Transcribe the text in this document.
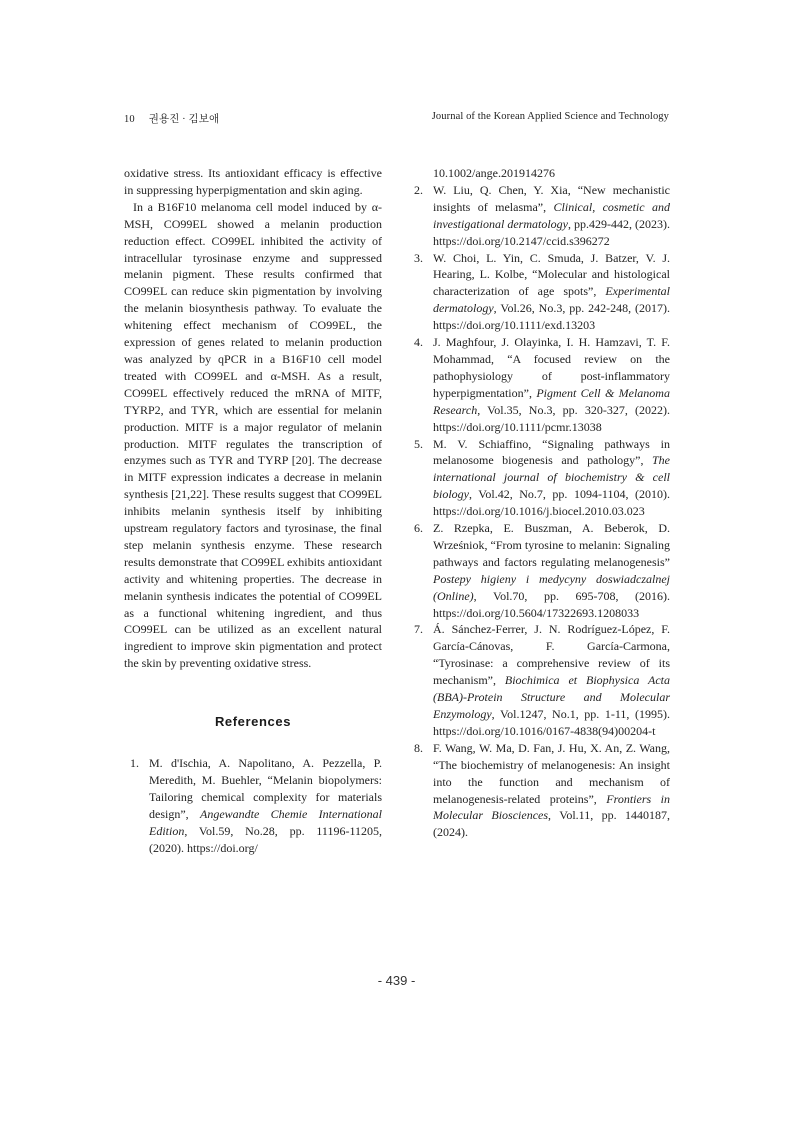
10 권용진 · 김보애	Journal of the Korean Applied Science and Technology

oxidative stress. Its antioxidant efficacy is effective in suppressing hyperpigmentation and skin aging.

In a B16F10 melanoma cell model induced by α-MSH, CO99EL showed a melanin production reduction effect. CO99EL inhibited the activity of intracellular tyrosinase enzyme and suppressed melanin pigment. These results confirmed that CO99EL can reduce skin pigmentation by involving the melanin biosynthesis pathway. To evaluate the whitening effect mechanism of CO99EL, the expression of genes related to melanin production was analyzed by qPCR in a B16F10 cell model treated with CO99EL and α-MSH. As a result, CO99EL effectively reduced the mRNA of MITF, TYRP2, and TYR, which are essential for melanin production. MITF is a major regulator of melanin production. MITF regulates the transcription of enzymes such as TYR and TYRP [20]. The decrease in MITF expression indicates a decrease in melanin synthesis [21,22]. These results suggest that CO99EL inhibits melanin synthesis itself by inhibiting upstream regulatory factors and tyrosinase, the final step melanin synthesis enzyme. These research results demonstrate that CO99EL exhibits antioxidant activity and whitening properties. The decrease in melanin synthesis indicates the potential of CO99EL as a functional whitening ingredient, and thus CO99EL can be utilized as an excellent natural ingredient to improve skin pigmentation and protect the skin by preventing oxidative stress.

References
1. M. d'Ischia, A. Napolitano, A. Pezzella, P. Meredith, M. Buehler, “Melanin biopolymers: Tailoring chemical complexity for materials design”, Angewandte Chemie International Edition, Vol.59, No.28, pp. 11196-11205, (2020). https://doi.org/
10.1002/ange.201914276
2. W. Liu, Q. Chen, Y. Xia, “New mechanistic insights of melasma”, Clinical, cosmetic and investigational dermatology, pp.429-442, (2023). https://doi.org/10.2147/ccid.s396272
3. W. Choi, L. Yin, C. Smuda, J. Batzer, V. J. Hearing, L. Kolbe, “Molecular and histological characterization of age spots”, Experimental dermatology, Vol.26, No.3, pp. 242-248, (2017). https://doi.org/10.1111/exd.13203
4. J. Maghfour, J. Olayinka, I. H. Hamzavi, T. F. Mohammad, “A focused review on the pathophysiology of post-inflammatory hyperpigmentation”, Pigment Cell & Melanoma Research, Vol.35, No.3, pp. 320-327, (2022). https://doi.org/10.1111/pcmr.13038
5. M. V. Schiaffino, “Signaling pathways in melanosome biogenesis and pathology”, The international journal of biochemistry & cell biology, Vol.42, No.7, pp. 1094-1104, (2010). https://doi.org/10.1016/j.biocel.2010.03.023
6. Z. Rzepka, E. Buszman, A. Beberok, D. Wrześniok, “From tyrosine to melanin: Signaling pathways and factors regulating melanogenesis” Postepy higieny i medycyny doswiadczalnej (Online), Vol.70, pp. 695-708, (2016). https://doi.org/10.5604/17322693.1208033
7. Á. Sánchez-Ferrer, J. N. Rodríguez-López, F. García-Cánovas, F. García-Carmona, “Tyrosinase: a comprehensive review of its mechanism”, Biochimica et Biophysica Acta (BBA)-Protein Structure and Molecular Enzymology, Vol.1247, No.1, pp. 1-11, (1995). https://doi.org/10.1016/0167-4838(94)00204-t
8. F. Wang, W. Ma, D. Fan, J. Hu, X. An, Z. Wang, “The biochemistry of melanogenesis: An insight into the function and mechanism of melanogenesis-related proteins”, Frontiers in Molecular Biosciences, Vol.11, pp. 1440187, (2024).
- 439 -
